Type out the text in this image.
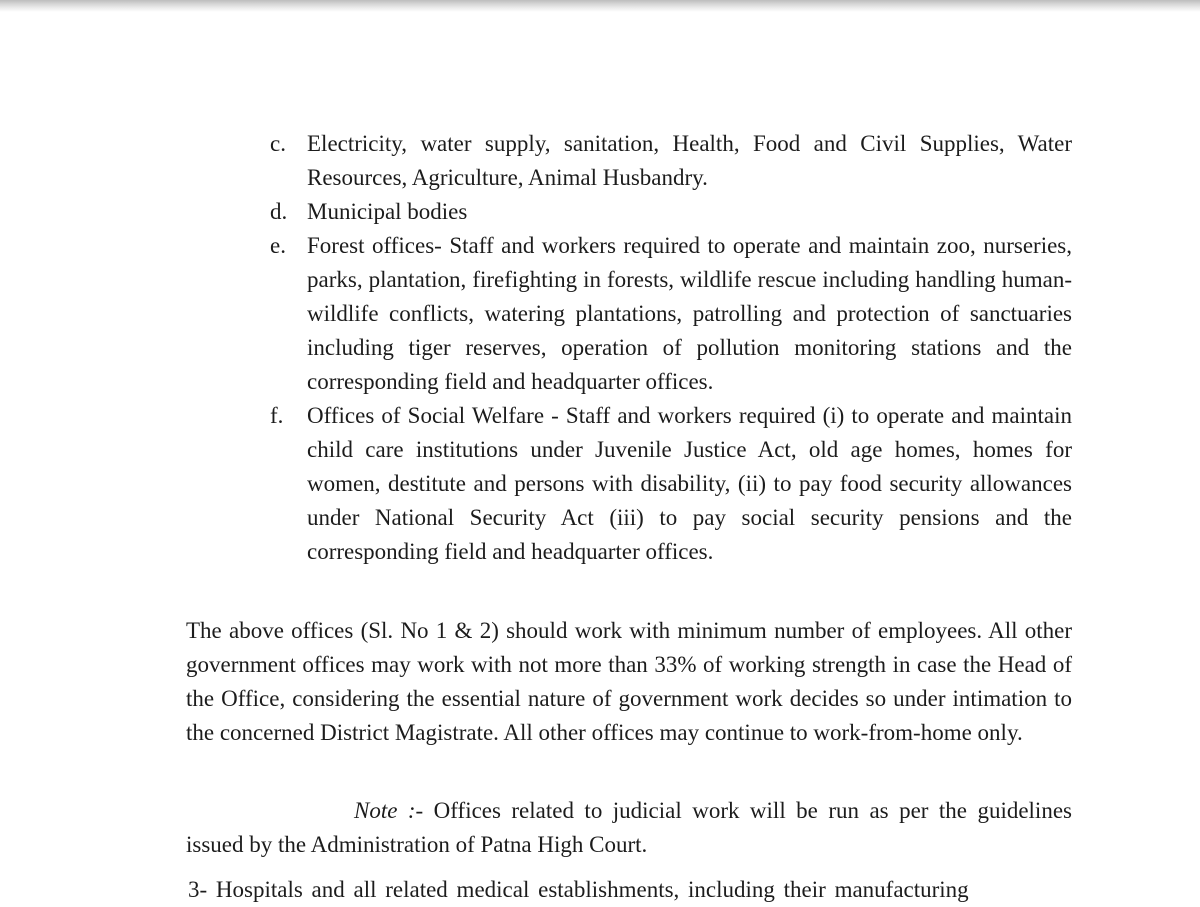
c. Electricity, water supply, sanitation, Health, Food and Civil Supplies, Water Resources, Agriculture, Animal Husbandry.
d. Municipal bodies
e. Forest offices- Staff and workers required to operate and maintain zoo, nurseries, parks, plantation, firefighting in forests, wildlife rescue including handling human- wildlife conflicts, watering plantations, patrolling and protection of sanctuaries including tiger reserves, operation of pollution monitoring stations and the corresponding field and headquarter offices.
f.	Offices of Social Welfare - Staff and workers required (i) to operate and maintain child care institutions under Juvenile Justice Act, old age homes, homes for women, destitute and persons with disability, (ii) to pay food security allowances under National Security Act (iii) to pay social security pensions and the corresponding field and headquarter offices.

The above offices (Sl. No 1 & 2) should work with minimum number of employees. All other government offices may work with not more than 33% of working strength in case the Head of the Office, considering the essential nature of government work decides so under intimation to the concerned District Magistrate. All other offices may continue to work-from-home only.

Note :- Offices related to judicial work will be run as per the guidelines issued by the Administration of Patna High Court.

3- Hospitals and all related medical establishments, including their manufacturing
